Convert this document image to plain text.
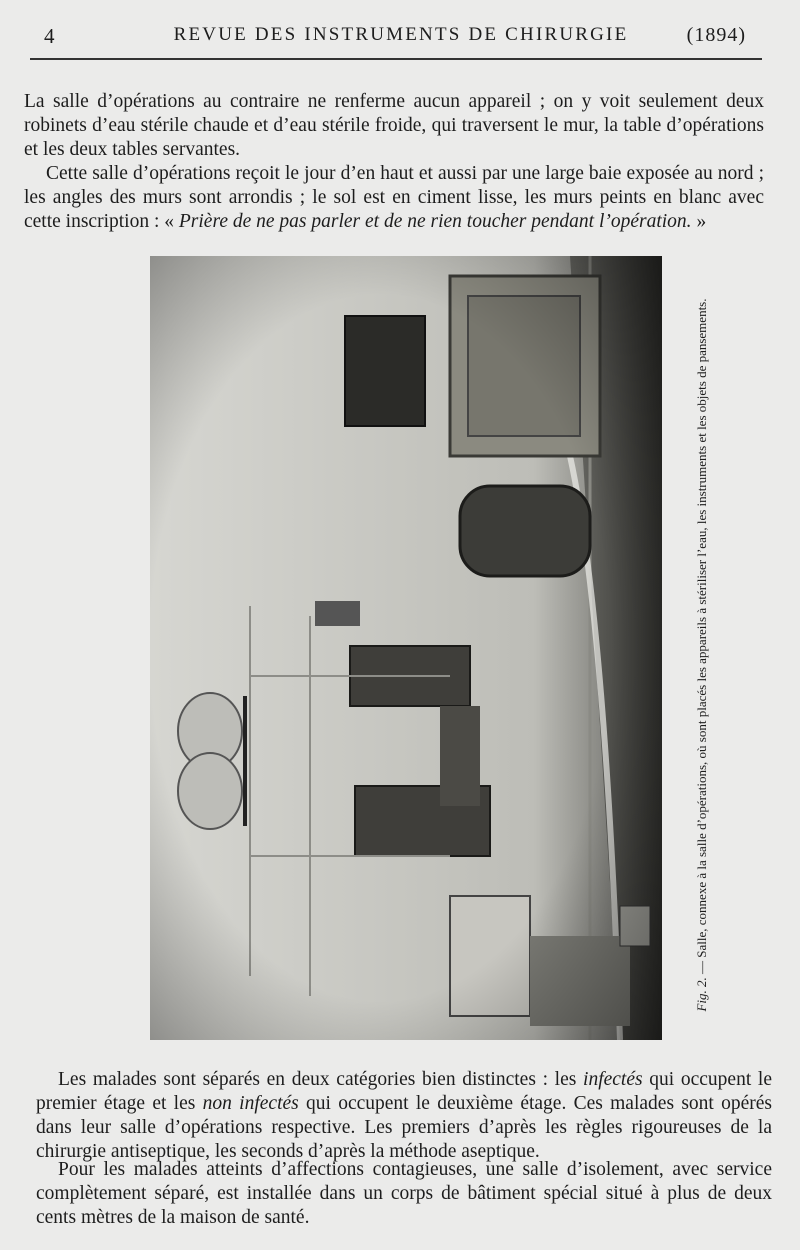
4	REVUE DES INSTRUMENTS DE CHIRURGIE	(1894)

La salle d’opérations au contraire ne renferme aucun appareil ; on y voit seulement deux robinets d’eau stérile chaude et d’eau stérile froide, qui traversent le mur, la table d’opérations et les deux tables servantes.

Cette salle d’opérations reçoit le jour d’en haut et aussi par une large baie exposée au nord ; les angles des murs sont arrondis ; le sol est en ciment lisse, les murs peints en blanc avec cette inscription : « Prière de ne pas parler et de ne rien toucher pendant l’opération. »

Fig. 2. — Salle, connexe à la salle d’opérations, où sont placés les appareils à stériliser l’eau, les instruments et les objets de pansements.

Les malades sont séparés en deux catégories bien distinctes : les infectés qui occupent le premier étage et les non infectés qui occupent le deuxième étage. Ces malades sont opérés dans leur salle d’opérations respective. Les premiers d’après les règles rigoureuses de la chirurgie antiseptique, les seconds d’après la méthode aseptique.

Pour les malades atteints d’affections contagieuses, une salle d’isolement, avec service complètement séparé, est installée dans un corps de bâtiment spécial situé à plus de deux cents mètres de la maison de santé.
